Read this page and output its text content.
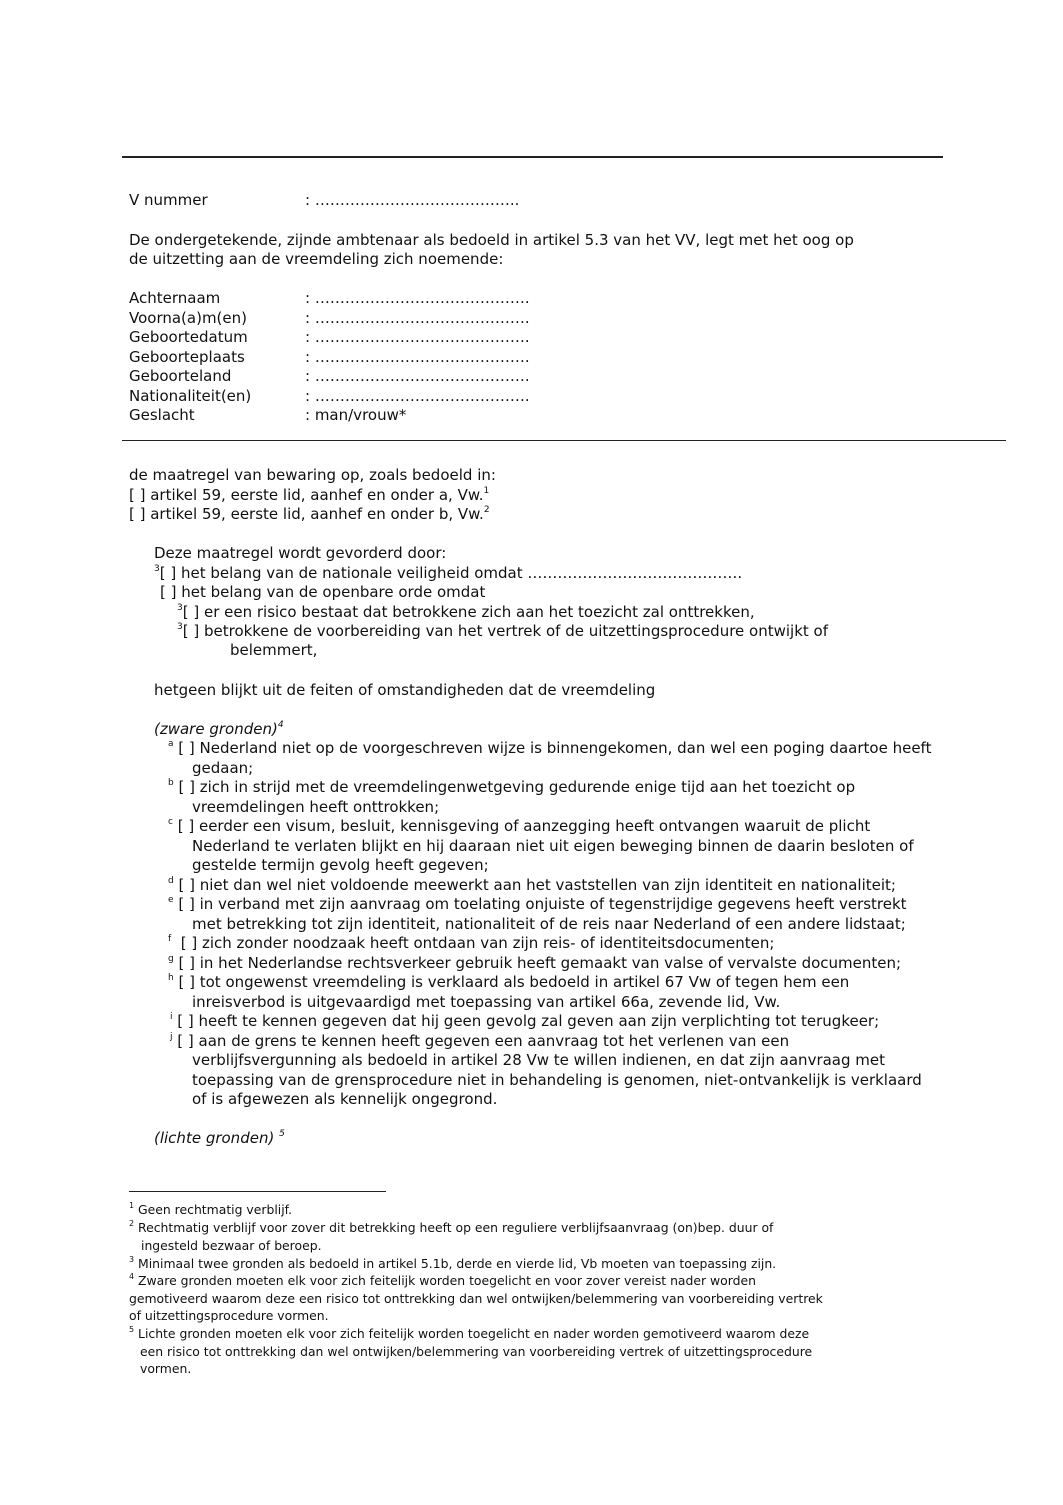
V nummer	: …………………………………..
De ondergetekende, zijnde ambtenaar als bedoeld in artikel 5.3 van het VV, legt met het oog op
de uitzetting aan de vreemdeling zich noemende:
Achternaam	: …………………………………….
Voorna(a)m(en)	: …………………………………….
Geboortedatum	: …………………………………….
Geboorteplaats	: …………………………………….
Geboorteland	: …………………………………….
Nationaliteit(en)	: …………………………………….
Geslacht	: man/vrouw*
de maatregel van bewaring op, zoals bedoeld in:
[ ] artikel 59, eerste lid, aanhef en onder a, Vw.$^1$
[ ] artikel 59, eerste lid, aanhef en onder b, Vw.$^2$
Deze maatregel wordt gevorderd door:
$^3$[ ] het belang van de nationale veiligheid omdat …………………………………….
[ ] het belang van de openbare orde omdat
$^3$[ ] er een risico bestaat dat betrokkene zich aan het toezicht zal onttrekken,
$^3$[ ] betrokkene de voorbereiding van het vertrek of de uitzettingsprocedure ontwijkt of
belemmert,
hetgeen blijkt uit de feiten of omstandigheden dat de vreemdeling
(zware gronden)$^4$
$^a$ [ ] Nederland niet op de voorgeschreven wijze is binnengekomen, dan wel een poging daartoe heeft
gedaan;
$^b$ [ ] zich in strijd met de vreemdelingenwetgeving gedurende enige tijd aan het toezicht op
vreemdelingen heeft onttrokken;
$^c$ [ ] eerder een visum, besluit, kennisgeving of aanzegging heeft ontvangen waaruit de plicht
Nederland te verlaten blijkt en hij daaraan niet uit eigen beweging binnen de daarin besloten of
gestelde termijn gevolg heeft gegeven;
$^d$ [ ] niet dan wel niet voldoende meewerkt aan het vaststellen van zijn identiteit en nationaliteit;
$^e$ [ ] in verband met zijn aanvraag om toelating onjuiste of tegenstrijdige gegevens heeft verstrekt
met betrekking tot zijn identiteit, nationaliteit of de reis naar Nederland of een andere lidstaat;
$^f$  [ ] zich zonder noodzaak heeft ontdaan van zijn reis- of identiteitsdocumenten;
$^g$ [ ] in het Nederlandse rechtsverkeer gebruik heeft gemaakt van valse of vervalste documenten;
$^h$ [ ] tot ongewenst vreemdeling is verklaard als bedoeld in artikel 67 Vw of tegen hem een
inreisverbod is uitgevaardigd met toepassing van artikel 66a, zevende lid, Vw.
$^i$ [ ] heeft te kennen gegeven dat hij geen gevolg zal geven aan zijn verplichting tot terugkeer;
$^j$ [ ] aan de grens te kennen heeft gegeven een aanvraag tot het verlenen van een
verblijfsvergunning als bedoeld in artikel 28 Vw te willen indienen, en dat zijn aanvraag met
toepassing van de grensprocedure niet in behandeling is genomen, niet-ontvankelijk is verklaard
of is afgewezen als kennelijk ongegrond.
(lichte gronden) $^5$
$^1$ Geen rechtmatig verblijf.
$^2$ Rechtmatig verblijf voor zover dit betrekking heeft op een reguliere verblijfsaanvraag (on)bep. duur of
ingesteld bezwaar of beroep.
$^3$ Minimaal twee gronden als bedoeld in artikel 5.1b, derde en vierde lid, Vb moeten van toepassing zijn.
$^4$ Zware gronden moeten elk voor zich feitelijk worden toegelicht en voor zover vereist nader worden
gemotiveerd waarom deze een risico tot onttrekking dan wel ontwijken/belemmering van voorbereiding vertrek
of uitzettingsprocedure vormen.
$^5$ Lichte gronden moeten elk voor zich feitelijk worden toegelicht en nader worden gemotiveerd waarom deze
een risico tot onttrekking dan wel ontwijken/belemmering van voorbereiding vertrek of uitzettingsprocedure
vormen.
